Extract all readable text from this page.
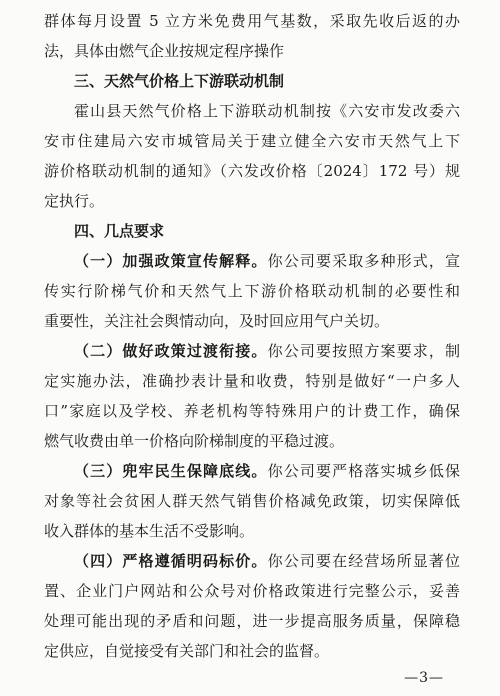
群体每月设置 5 立方米免费用气基数，采取先收后返的办
法，具体由燃气企业按规定程序操作
三、天然气价格上下游联动机制
霍山县天然气价格上下游联动机制按《六安市发改委六
安市住建局六安市城管局关于建立健全六安市天然气上下
游价格联动机制的通知》（六发改价格〔2024〕172 号）规
定执行。
四、几点要求
（一）加强政策宣传解释。你公司要采取多种形式，宣
传实行阶梯气价和天然气上下游价格联动机制的必要性和
重要性，关注社会舆情动向，及时回应用气户关切。
（二）做好政策过渡衔接。你公司要按照方案要求，制
定实施办法，准确抄表计量和收费，特别是做好“一户多人
口”家庭以及学校、养老机构等特殊用户的计费工作，确保
燃气收费由单一价格向阶梯制度的平稳过渡。
（三）兜牢民生保障底线。你公司要严格落实城乡低保
对象等社会贫困人群天然气销售价格减免政策，切实保障低
收入群体的基本生活不受影响。
（四）严格遵循明码标价。你公司要在经营场所显著位
置、企业门户网站和公众号对价格政策进行完整公示，妥善
处理可能出现的矛盾和问题，进一步提高服务质量，保障稳
定供应，自觉接受有关部门和社会的监督。
—3—
